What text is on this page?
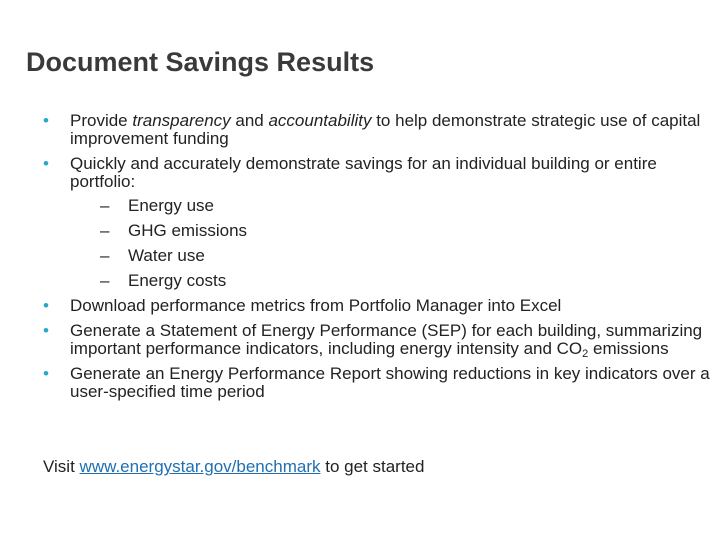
Document Savings Results
• Provide transparency and accountability to help demonstrate strategic use of capital improvement funding
• Quickly and accurately demonstrate savings for an individual building or entire portfolio:
– Energy use
– GHG emissions
– Water use
– Energy costs
• Download performance metrics from Portfolio Manager into Excel
• Generate a Statement of Energy Performance (SEP) for each building, summarizing important performance indicators, including energy intensity and $CO_2$ emissions
• Generate an Energy Performance Report showing reductions in key indicators over a user-specified time period
Visit www.energystar.gov/benchmark to get started
